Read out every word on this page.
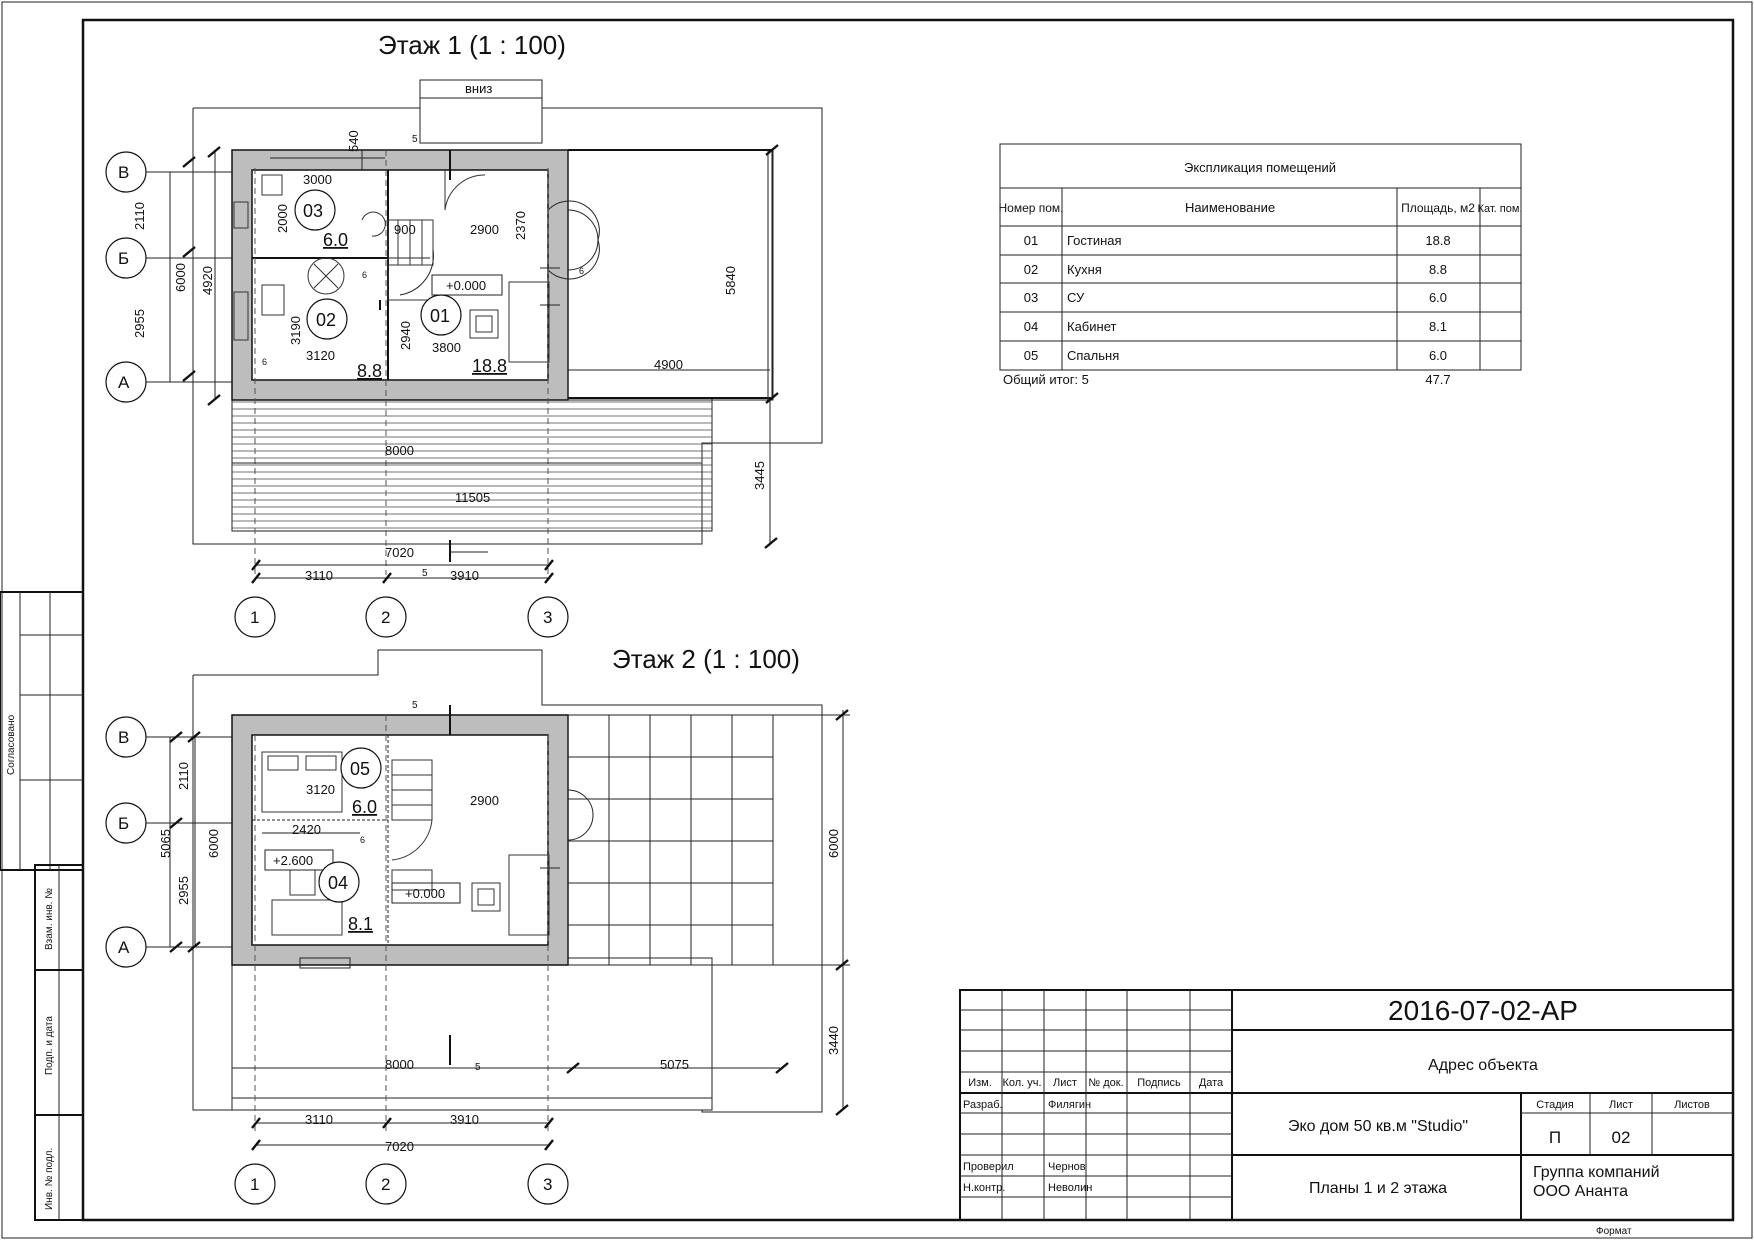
Согласовано
Взам. инв. №
Подп. и дата
Инв. № подл.
Этаж 1 (1 : 100)
вниз
540
3000
2110
6000 4920
2955
2000	900	2900 2370
5840
3190	2940
3120
3800
4900
8000
11505
3445
7020
3110	3910
5
5
6	6
6
+0.000
03
6.0
02
8.8
01
18.8
В
Б
А
1	2	3
Этаж 2 (1 : 100)
2110
5065	6000
2955
3120
2900
2420	6000
3440
8000	5075
3110	3910
7020
5
5
6
+2.600
+0.000
05
6.0
04
8.1
В
Б
А
1	2	3
Экспликация помещений
Номер пом.	Наименование	Площадь, м2 Кат. пом.
01 Гостиная	18.8
02 Кухня	8.8
03 СУ	6.0
04 Кабинет	8.1
05 Спальня	6.0
Общий итог: 5	47.7
2016-07-02-АР
Адрес объекта
Эко дом 50 кв.м "Studio"
Планы 1 и 2 этажа
Группа компаний
ООО Ананта
Стадия	Лист	Листов
П	02
Изм. Кол. уч. Лист № док. Подпись Дата
Разраб.	Филягин
Проверил	Чернов
Н.контр.	Неволин
Формат
